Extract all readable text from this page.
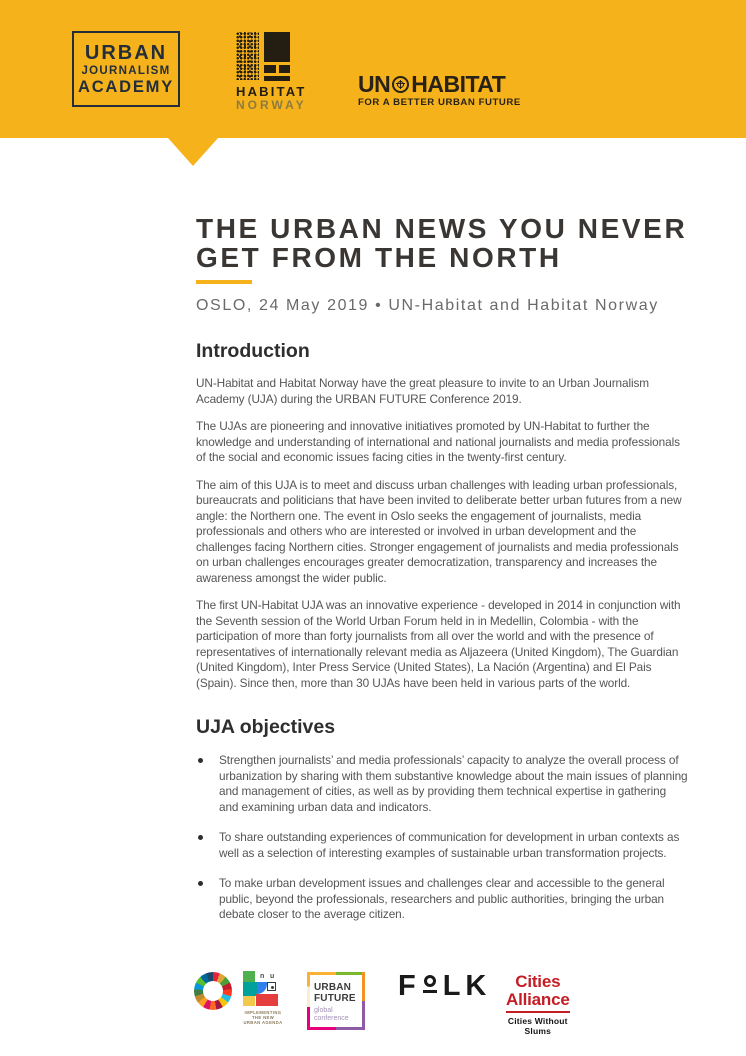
URBAN
JOURNALISM
ACADEMY	HABITAT
NORWAY
UN HABITAT
FOR A BETTER URBAN FUTURE
THE URBAN NEWS YOU NEVER
GET FROM THE NORTH
OSLO, 24 May 2019 • UN-Habitat and Habitat Norway
Introduction

UN-Habitat and Habitat Norway have the great pleasure to invite to an Urban Journalism Academy (UJA) during the URBAN FUTURE Conference 2019.

The UJAs are pioneering and innovative initiatives promoted by UN-Habitat to further the knowledge and understanding of international and national journalists and media professionals of the social and economic issues facing cities in the twenty-first century.

The aim of this UJA is to meet and discuss urban challenges with leading urban professionals, bureaucrats and politicians that have been invited to deliberate better urban futures from a new angle: the Northern one. The event in Oslo seeks the engagement of journalists, media professionals and others who are interested or involved in urban development and the challenges facing Northern cities. Stronger engagement of journalists and media professionals on urban challenges encourages greater democratization, transparency and increases the awareness amongst the wider public.

The first UN-Habitat UJA was an innovative experience - developed in 2014 in conjunction with the Seventh session of the World Urban Forum held in in Medellin, Colombia - with the participation of more than forty journalists from all over the world and with the presence of representatives of internationally relevant media as Aljazeera (United Kingdom), The Guardian (United Kingdom), Inter Press Service (United States), La Nación (Argentina) and El Pais (Spain). Since then, more than 30 UJAs have been held in various parts of the world.

UJA objectives
Strengthen journalists’ and media professionals’ capacity to analyze the overall process of urbanization by sharing with them substantive knowledge about the main issues of planning and management of cities, as well as by providing them technical expertise in gathering and examining urban data and indicators.
To share outstanding experiences of communication for development in urban contexts as well as a selection of interesting examples of sustainable urban transformation projects.
To make urban development issues and challenges clear and accessible to the general public, beyond the professionals, researchers and public authorities, bringing the urban debate closer to the average citizen.
n u
IMPLEMENTING
THE NEW
URBAN AGENDA
URBAN
FUTURE
global
conference
F LK	Cities Alliance
Cities Without Slums
